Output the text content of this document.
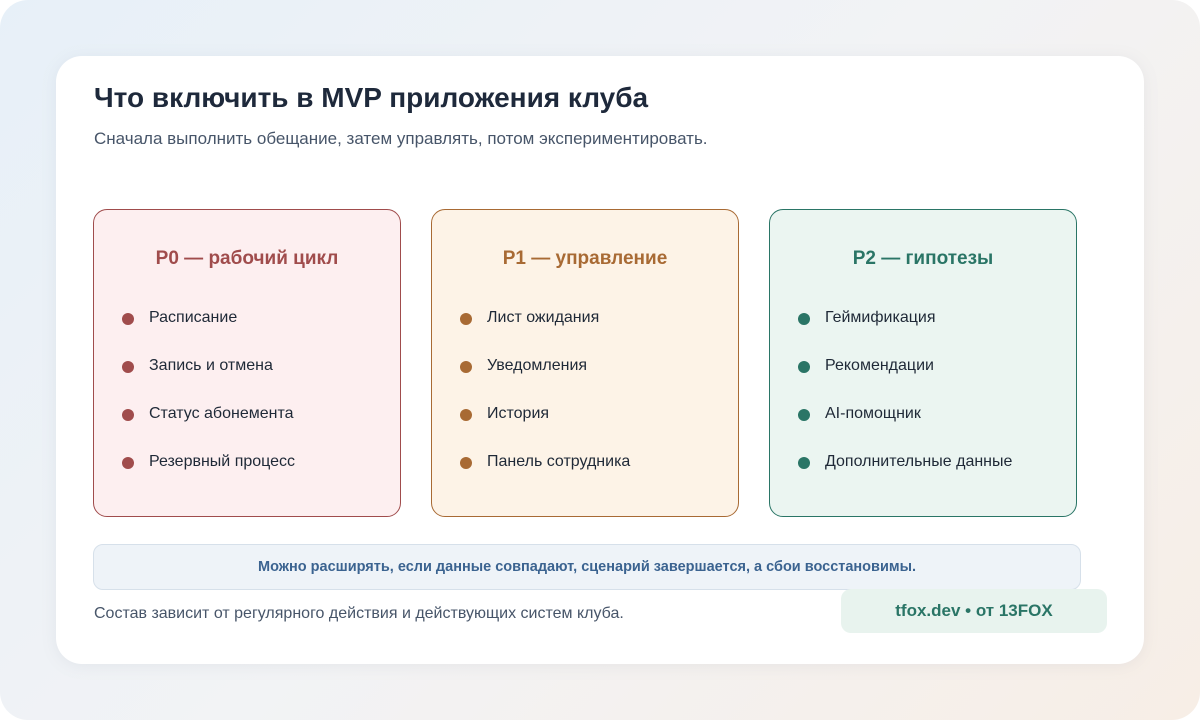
Что включить в MVP приложения клуба

Сначала выполнить обещание, затем управлять, потом экспериментировать.

P0 — рабочий цикл
Расписание
Запись и отмена
Статус абонемента
Резервный процесс
P1 — управление
Лист ожидания
Уведомления
История
Панель сотрудника
P2 — гипотезы
Геймификация
Рекомендации
AI-помощник
Дополнительные данные
Можно расширять, если данные совпадают, сценарий завершается, а сбои восстановимы.
Состав зависит от регулярного действия и действующих систем клуба.	tfox.dev • от 13FOX
